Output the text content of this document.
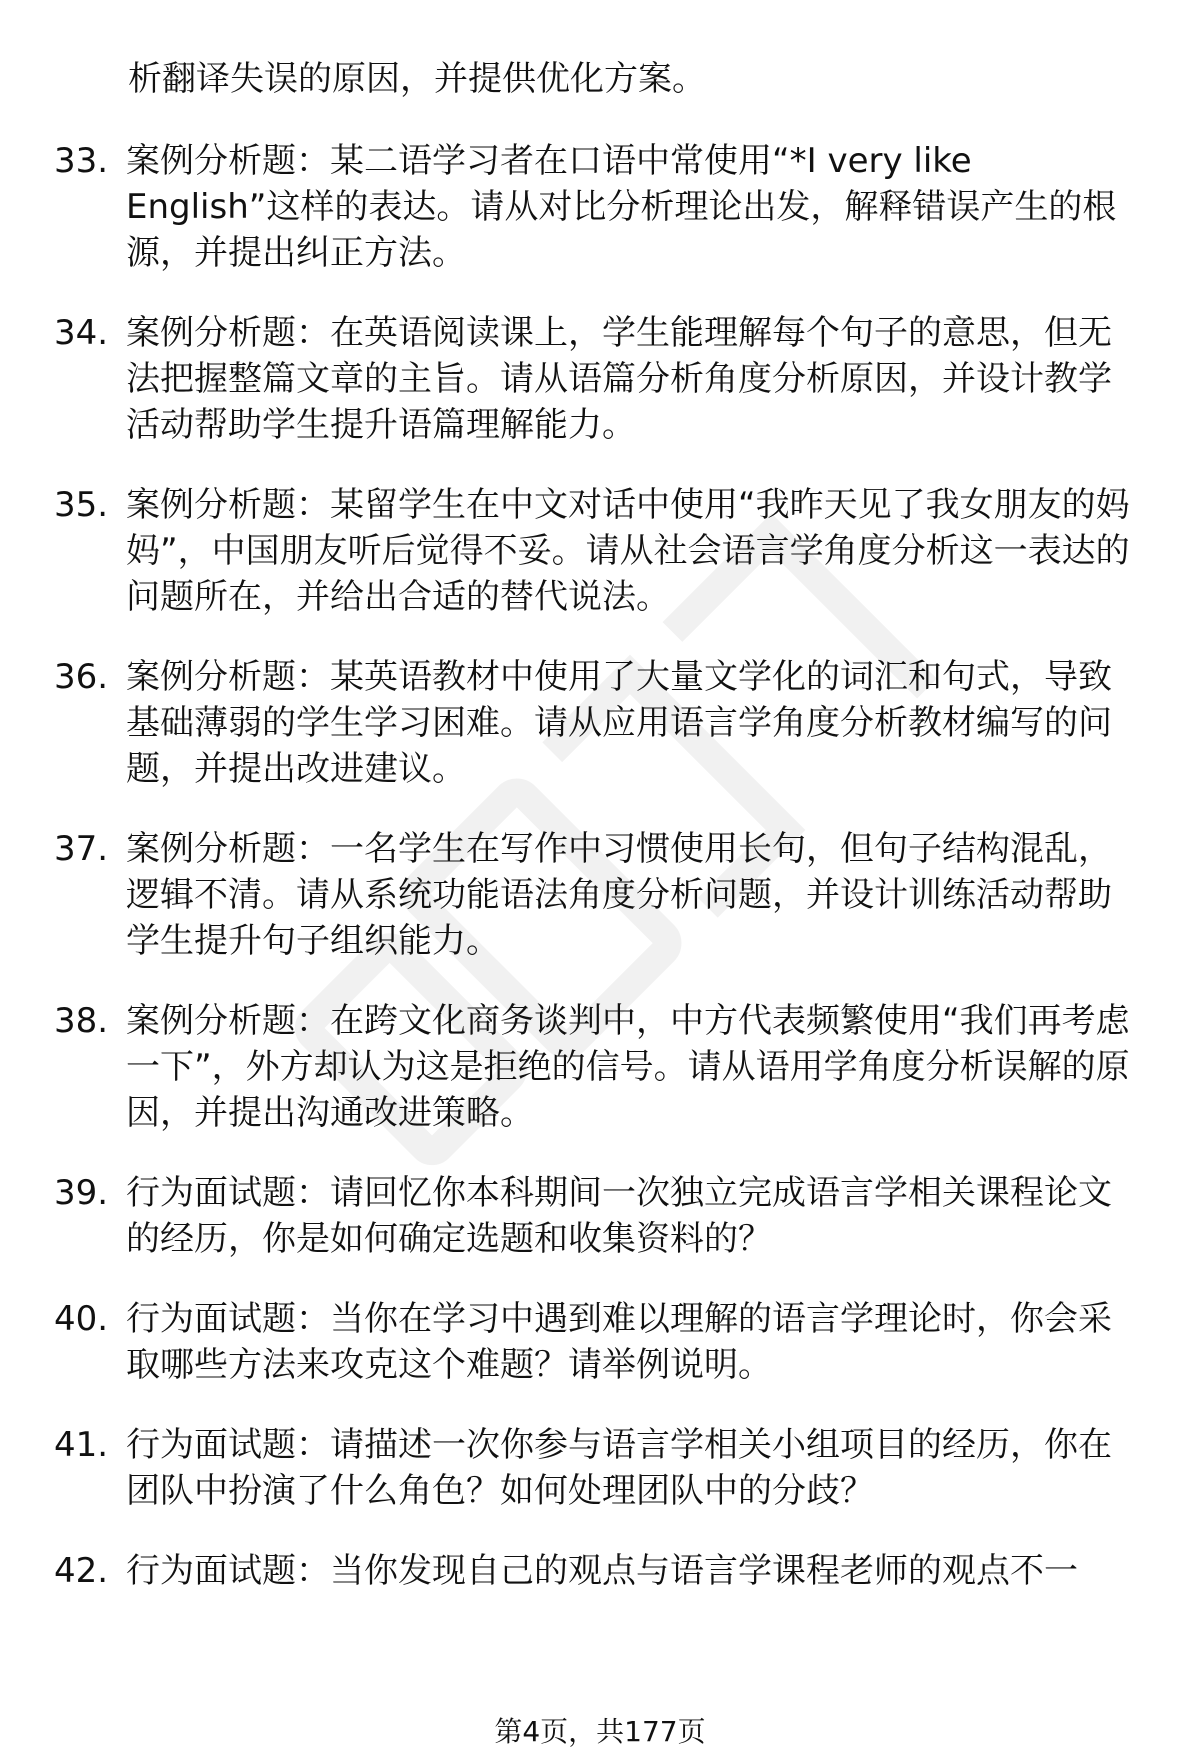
析翻译失误的原因，并提供优化方案。
33. 案例分析题：某二语学习者在口语中常使用“*I very like English”这样的表达。请从对比分析理论出发，解释错误产生的根源，并提出纠正方法。
34. 案例分析题：在英语阅读课上，学生能理解每个句子的意思，但无法把握整篇文章的主旨。请从语篇分析角度分析原因，并设计教学活动帮助学生提升语篇理解能力。
35. 案例分析题：某留学生在中文对话中使用“我昨天见了我女朋友的妈妈”，中国朋友听后觉得不妥。请从社会语言学角度分析这一表达的问题所在，并给出合适的替代说法。
36. 案例分析题：某英语教材中使用了大量文学化的词汇和句式，导致基础薄弱的学生学习困难。请从应用语言学角度分析教材编写的问题，并提出改进建议。
37. 案例分析题：一名学生在写作中习惯使用长句，但句子结构混乱，逻辑不清。请从系统功能语法角度分析问题，并设计训练活动帮助学生提升句子组织能力。
38. 案例分析题：在跨文化商务谈判中，中方代表频繁使用“我们再考虑一下”，外方却认为这是拒绝的信号。请从语用学角度分析误解的原因，并提出沟通改进策略。
39. 行为面试题：请回忆你本科期间一次独立完成语言学相关课程论文的经历，你是如何确定选题和收集资料的？
40. 行为面试题：当你在学习中遇到难以理解的语言学理论时，你会采取哪些方法来攻克这个难题？请举例说明。
41. 行为面试题：请描述一次你参与语言学相关小组项目的经历，你在团队中扮演了什么角色？如何处理团队中的分歧？
42. 行为面试题：当你发现自己的观点与语言学课程老师的观点不一
第4页，共177页
